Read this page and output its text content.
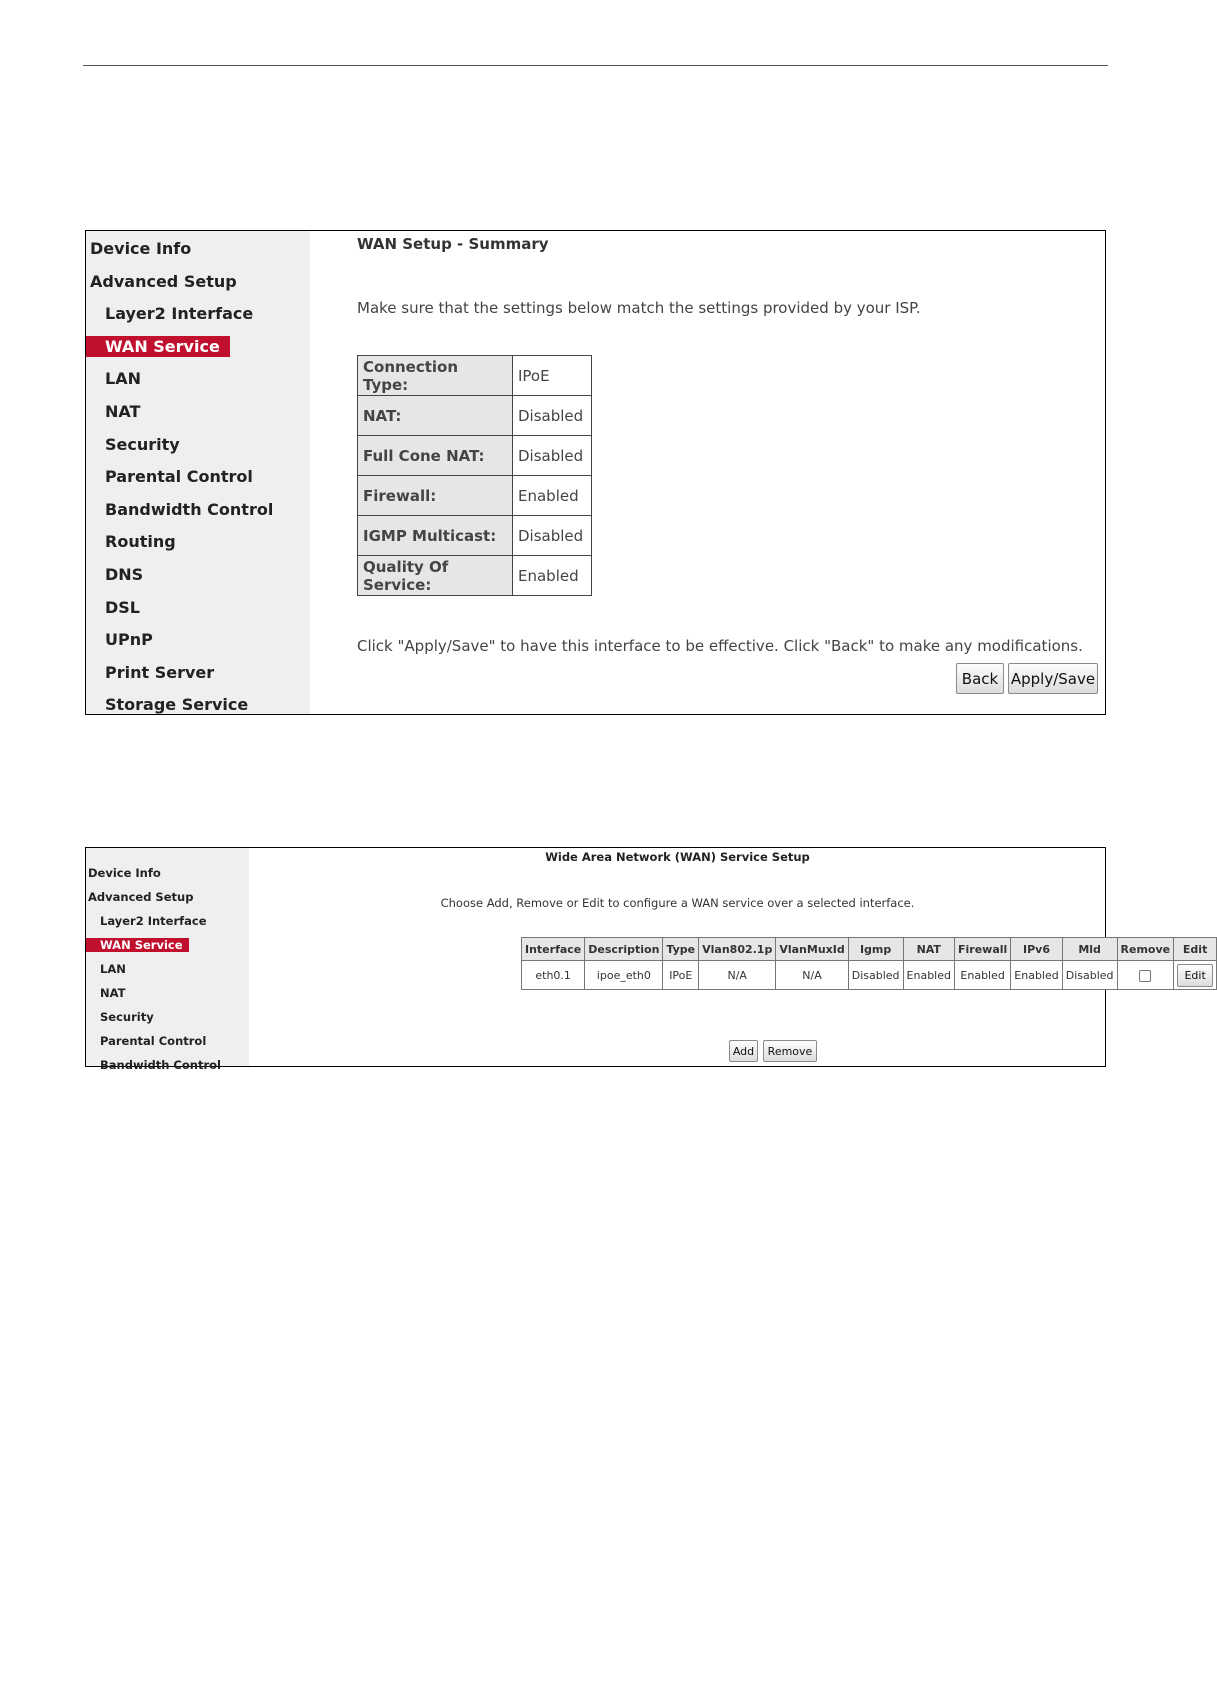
Device Info
Advanced Setup
Layer2 Interface
WAN Service
LAN
NAT
Security
Parental Control
Bandwidth Control
Routing
DNS
DSL
UPnP
Print Server
Storage Service
WAN Setup - Summary
Make sure that the settings below match the settings provided by your ISP.
Connection Type:	IPoE
NAT:	Disabled
Full Cone NAT:	Disabled
Firewall:	Enabled
IGMP Multicast:	Disabled
Quality Of Service:	Enabled
Click "Apply/Save" to have this interface to be effective. Click "Back" to make any modifications.
Back Apply/Save
Device Info
Advanced Setup
Layer2 Interface
WAN Service
LAN
NAT
Security
Parental Control
Bandwidth Control
Wide Area Network (WAN) Service Setup
Choose Add, Remove or Edit to configure a WAN service over a selected interface.
Interface	Description	Type	Vlan802.1p	VlanMuxId	Igmp	NAT	Firewall	IPv6	Mld	Remove	Edit
eth0.1	ipoe_eth0	IPoE	N/A	N/A	Disabled	Enabled	Enabled	Enabled	Disabled		Edit
Add	Remove
